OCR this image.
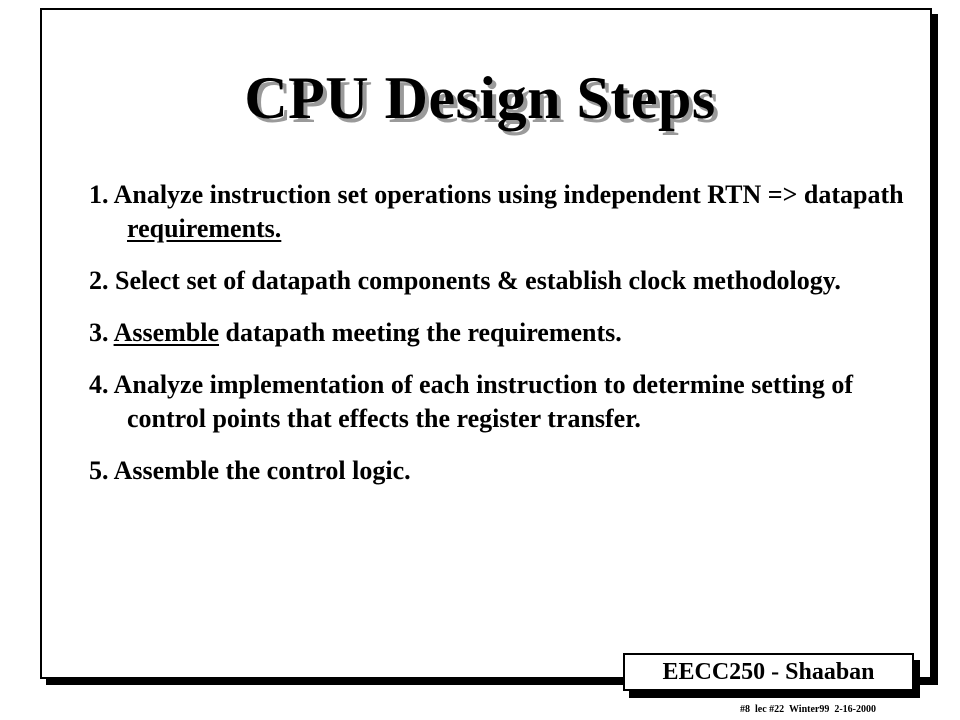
CPU Design Steps
1. Analyze instruction set operations using independent RTN => datapath requirements.
2. Select set of datapath components & establish clock methodology.
3. Assemble datapath meeting the requirements.
4. Analyze implementation of each instruction to determine setting of control points that effects the register transfer.
5. Assemble the control logic.
EECC250 - Shaaban
#8  lec #22  Winter99  2-16-2000
